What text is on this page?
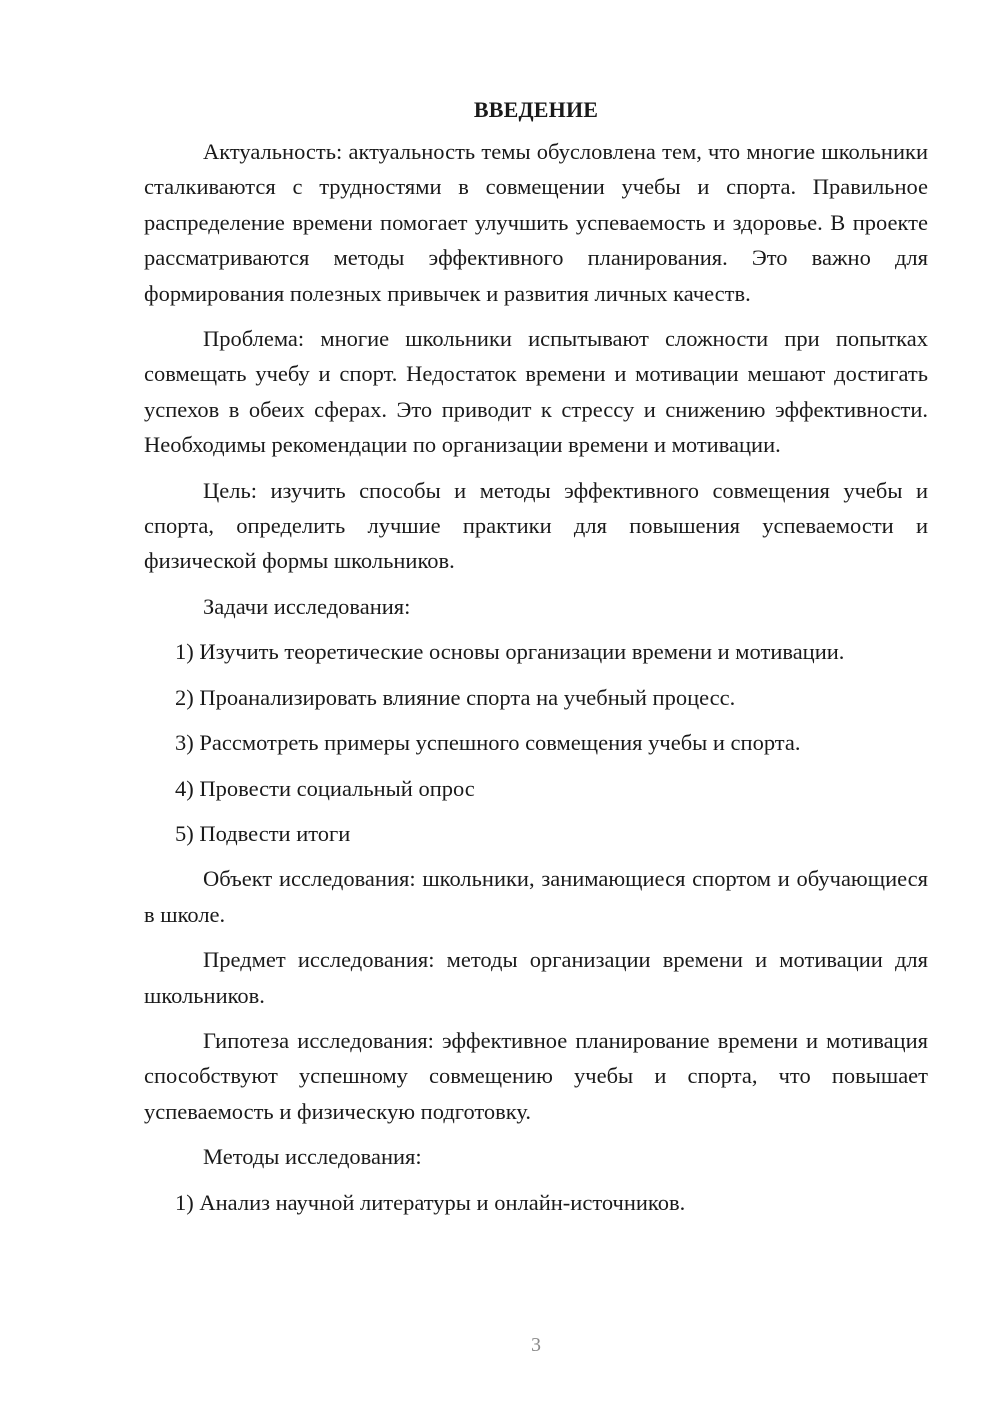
ВВЕДЕНИЕ

Актуальность: актуальность темы обусловлена тем, что многие школьники сталкиваются с трудностями в совмещении учебы и спорта. Правильное распределение времени помогает улучшить успеваемость и здоровье. В проекте рассматриваются методы эффективного планирования. Это важно для формирования полезных привычек и развития личных качеств.

Проблема: многие школьники испытывают сложности при попытках совмещать учебу и спорт. Недостаток времени и мотивации мешают достигать успехов в обеих сферах. Это приводит к стрессу и снижению эффективности. Необходимы рекомендации по организации времени и мотивации.

Цель: изучить способы и методы эффективного совмещения учебы и спорта, определить лучшие практики для повышения успеваемости и физической формы школьников.

Задачи исследования:

1) Изучить теоретические основы организации времени и мотивации.

2) Проанализировать влияние спорта на учебный процесс.

3) Рассмотреть примеры успешного совмещения учебы и спорта.

4) Провести социальный опрос

5) Подвести итоги

Объект исследования: школьники, занимающиеся спортом и обучающиеся в школе.

Предмет исследования: методы организации времени и мотивации для школьников.

Гипотеза исследования: эффективное планирование времени и мотивация способствуют успешному совмещению учебы и спорта, что повышает успеваемость и физическую подготовку.

Методы исследования:

1) Анализ научной литературы и онлайн-источников.

3
